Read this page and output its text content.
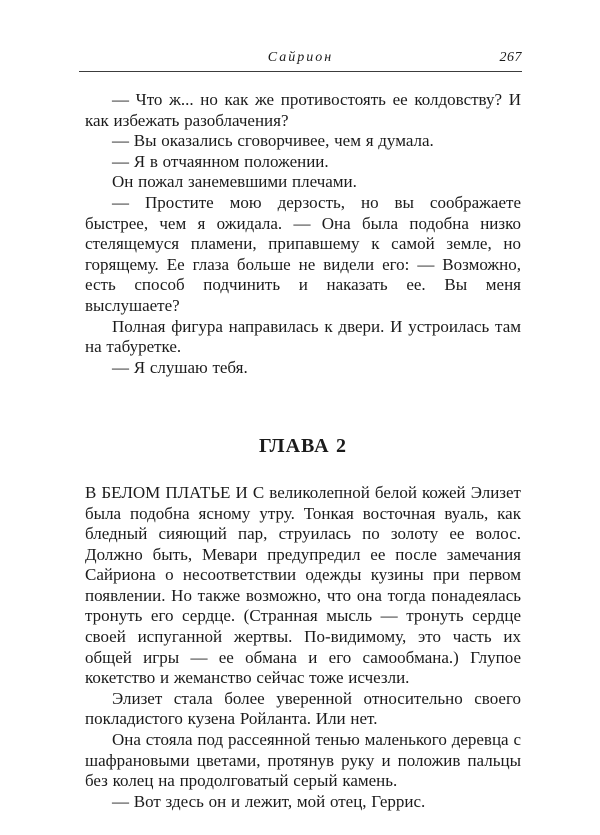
Сайрион	267

— Что ж... но как же противостоять ее колдовству? И как избежать разоблачения?

— Вы оказались сговорчивее, чем я думала.

— Я в отчаянном положении.

Он пожал занемевшими плечами.

— Простите мою дерзость, но вы соображаете быстрее, чем я ожидала. — Она была подобна низко стелящемуся пламени, припавшему к самой земле, но горящему. Ее глаза больше не видели его: — Возможно, есть способ подчинить и наказать ее. Вы меня выслушаете?

Полная фигура направилась к двери. И устроилась там на табуретке.

— Я слушаю тебя.

ГЛАВА 2

В БЕЛОМ ПЛАТЬЕ И С великолепной белой кожей Элизет была подобна ясному утру. Тонкая восточная вуаль, как бледный сияющий пар, струилась по золоту ее волос. Должно быть, Мевари предупредил ее после замечания Сайриона о несоответствии одежды кузины при первом появлении. Но также возможно, что она тогда понадеялась тронуть его сердце. (Странная мысль — тронуть сердце своей испуганной жертвы. По-видимому, это часть их общей игры — ее обмана и его самообмана.) Глупое кокетство и жеманство сейчас тоже исчезли.

Элизет стала более уверенной относительно своего покладистого кузена Ройланта. Или нет.

Она стояла под рассеянной тенью маленького деревца с шафрановыми цветами, протянув руку и положив пальцы без колец на продолговатый серый камень.

— Вот здесь он и лежит, мой отец, Геррис.
